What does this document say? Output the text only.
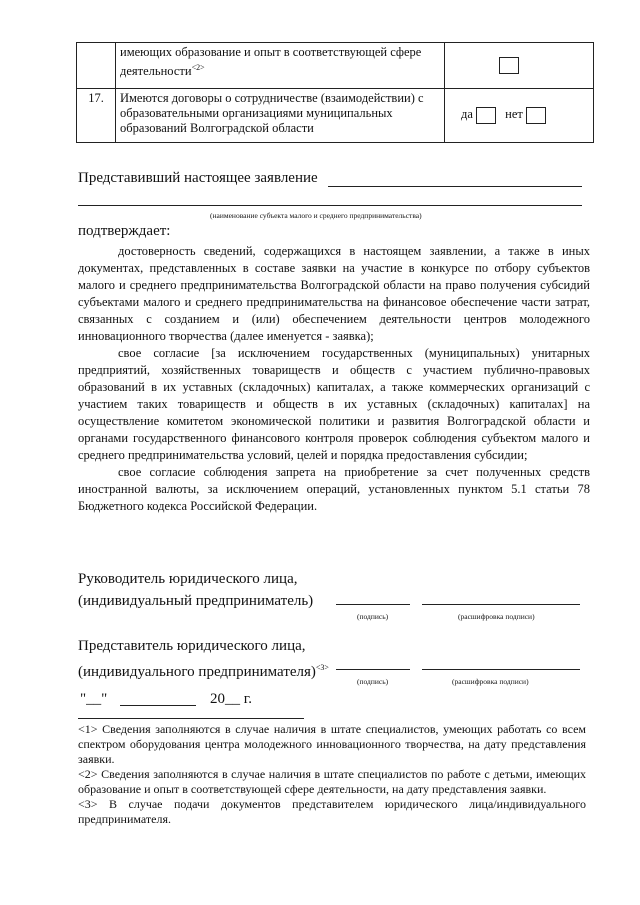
	имеющих образование и опыт в соответствующей сфере деятельности$^{<2>}$	
17.	Имеются договоры о сотрудничестве (взаимодействии) с образовательными организациями муниципальных образований Волгоградской области	да нет
Представивший настоящее заявление
(наименование субъекта малого и среднего предпринимательства)
подтверждает:

достоверность сведений, содержащихся в настоящем заявлении, а также в иных документах, представленных в составе заявки на участие в конкурсе по отбору субъектов малого и среднего предпринимательства Волгоградской области на право получения субсидий субъектами малого и среднего предпринимательства на финансовое обеспечение части затрат, связанных с созданием и (или) обеспечением деятельности центров молодежного инновационного творчества (далее именуется - заявка);

свое согласие [за исключением государственных (муниципальных) унитарных предприятий, хозяйственных товариществ и обществ с участием публично-правовых образований в их уставных (складочных) капиталах, а также коммерческих организаций с участием таких товариществ и обществ в их уставных (складочных) капиталах] на осуществление комитетом экономической политики и развития Волгоградской области и органами государственного финансового контроля проверок соблюдения субъектом малого и среднего предпринимательства условий, целей и порядка предоставления субсидии;

свое согласие соблюдения запрета на приобретение за счет полученных средств иностранной валюты, за исключением операций, установленных пунктом 5.1 статьи 78 Бюджетного кодекса Российской Федерации.

Руководитель юридического лица,
(индивидуальный предприниматель)
(подпись)	(расшифровка подписи)
Представитель юридического лица,
(индивидуального предпринимателя)$^{<3>}$
(подпись)	(расшифровка подписи)
"__"	20__ г.

<1> Сведения заполняются в случае наличия в штате специалистов, умеющих работать со всем спектром оборудования центра молодежного инновационного творчества, на дату представления заявки.

<2> Сведения заполняются в случае наличия в штате специалистов по работе с детьми, имеющих образование и опыт в соответствующей сфере деятельности, на дату представления заявки.

<3> В случае подачи документов представителем юридического лица/индивидуального предпринимателя.
